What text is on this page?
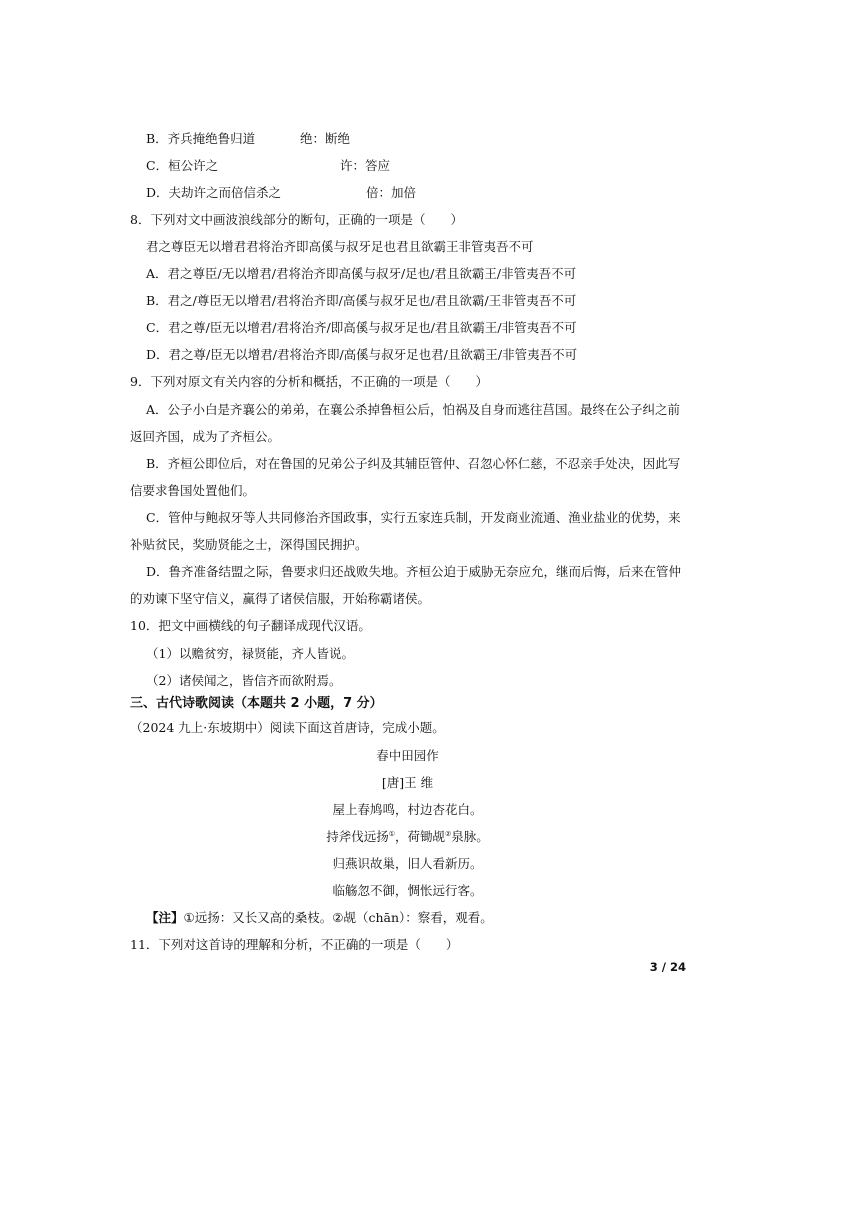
B．齐兵掩绝鲁归道	绝：断绝
C．桓公许之	许：答应
D．夫劫许之而倍信杀之	倍：加倍
8．下列对文中画波浪线部分的断句，正确的一项是（　　）
君之尊臣无以增君君将治齐即高傒与叔牙足也君且欲霸王非管夷吾不可
A．君之尊臣/无以增君/君将治齐即高傒与叔牙/足也/君且欲霸王/非管夷吾不可
B．君之/尊臣无以增君/君将治齐即/高傒与叔牙足也/君且欲霸/王非管夷吾不可
C．君之尊/臣无以增君/君将治齐/即高傒与叔牙足也/君且欲霸王/非管夷吾不可
D．君之尊/臣无以增君/君将治齐即/高傒与叔牙足也君/且欲霸王/非管夷吾不可
9．下列对原文有关内容的分析和概括，不正确的一项是（　　）
A．公子小白是齐襄公的弟弟，在襄公杀掉鲁桓公后，怕祸及自身而逃往莒国。最终在公子纠之前
返回齐国，成为了齐桓公。
B．齐桓公即位后，对在鲁国的兄弟公子纠及其辅臣管仲、召忽心怀仁慈，不忍亲手处决，因此写
信要求鲁国处置他们。
C．管仲与鲍叔牙等人共同修治齐国政事，实行五家连兵制，开发商业流通、渔业盐业的优势，来
补贴贫民，奖励贤能之士，深得国民拥护。
D．鲁齐准备结盟之际，鲁要求归还战败失地。齐桓公迫于威胁无奈应允，继而后悔，后来在管仲
的劝谏下坚守信义，赢得了诸侯信服，开始称霸诸侯。
10．把文中画横线的句子翻译成现代汉语。
（1）以赡贫穷，禄贤能，齐人皆说。
（2）诸侯闻之，皆信齐而欲附焉。
三、古代诗歌阅读（本题共 2 小题，7 分）
（2024 九上·东坡期中）阅读下面这首唐诗，完成小题。
春中田园作
[唐]王 维
屋上春鸠鸣，村边杏花白。
持斧伐远扬①，荷锄觇②泉脉。
归燕识故巢，旧人看新历。
临觞忽不御，惆怅远行客。
【注】①远扬：又长又高的桑枝。②觇（chān）：察看，观看。
11．下列对这首诗的理解和分析，不正确的一项是（　　）
3 / 24
